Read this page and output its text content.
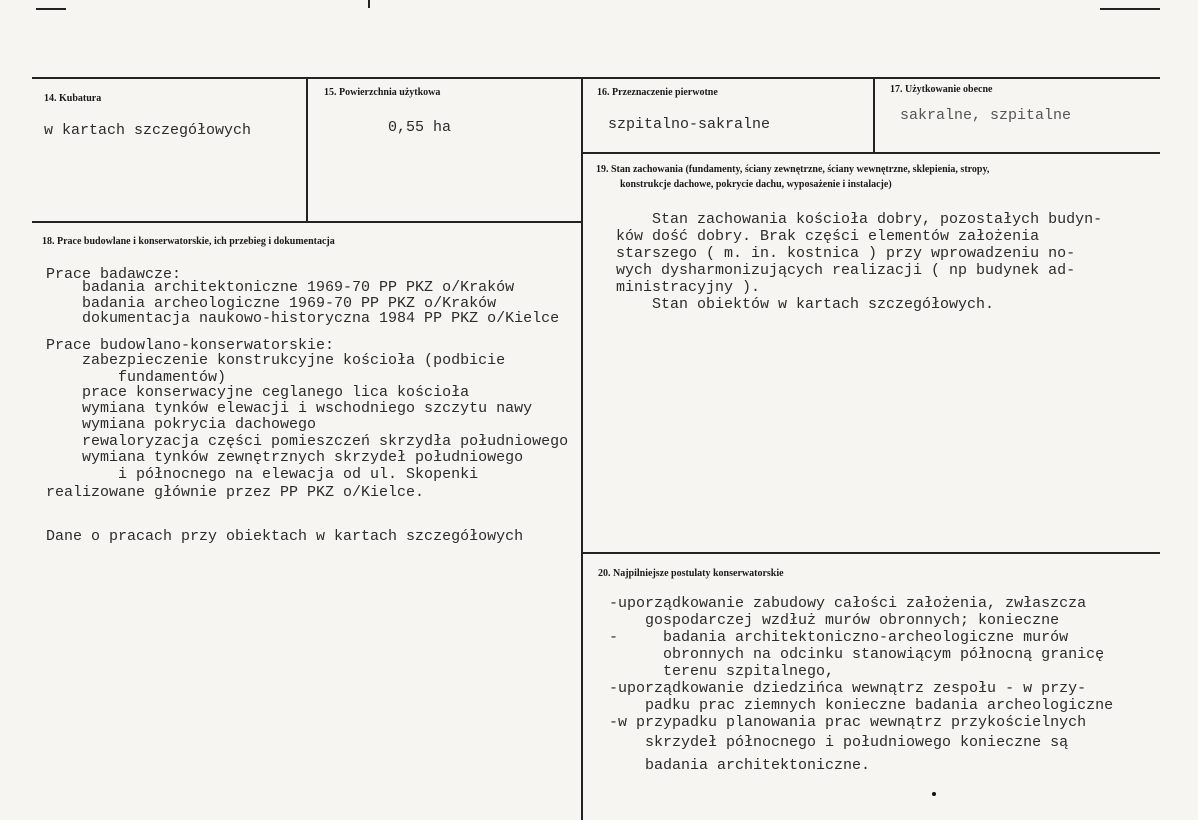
14. Kubatura
w kartach szczegółowych
15. Powierzchnia użytkowa
0,55 ha
16. Przeznaczenie pierwotne
szpitalno-sakralne
17. Użytkowanie obecne
sakralne, szpitalne
19. Stan zachowania (fundamenty, ściany zewnętrzne, ściany wewnętrzne, sklepienia, stropy,
konstrukcje dachowe, pokrycie dachu, wyposażenie i instalacje)
Stan zachowania kościoła dobry, pozostałych budyn-
ków dość dobry. Brak części elementów założenia
starszego ( m. in. kostnica ) przy wprowadzeniu no-
wych dysharmonizujących realizacji ( np budynek ad-
ministracyjny ).
Stan obiektów w kartach szczegółowych.
18. Prace budowlane i konserwatorskie, ich przebieg i dokumentacja
Prace badawcze:
badania architektoniczne 1969-70 PP PKZ o/Kraków
badania archeologiczne 1969-70 PP PKZ o/Kraków
dokumentacja naukowo-historyczna 1984 PP PKZ o/Kielce
Prace budowlano-konserwatorskie:
zabezpieczenie konstrukcyjne kościoła (podbicie
fundamentów)
prace konserwacyjne ceglanego lica kościoła
wymiana tynków elewacji i wschodniego szczytu nawy
wymiana pokrycia dachowego
rewaloryzacja części pomieszczeń skrzydła południowego
wymiana tynków zewnętrznych skrzydeł południowego
i północnego na elewacja od ul. Skopenki
realizowane głównie przez PP PKZ o/Kielce.
Dane o pracach przy obiektach w kartach szczegółowych
20. Najpilniejsze postulaty konserwatorskie
-uporządkowanie zabudowy całości założenia, zwłaszcza
gospodarczej wzdłuż murów obronnych; konieczne
-     badania architektoniczno-archeologiczne murów
obronnych na odcinku stanowiącym północną granicę
terenu szpitalnego,
-uporządkowanie dziedzińca wewnątrz zespołu - w przy-
padku prac ziemnych konieczne badania archeologiczne
-w przypadku planowania prac wewnątrz przykościelnych
skrzydeł północnego i południowego konieczne są
badania architektoniczne.
